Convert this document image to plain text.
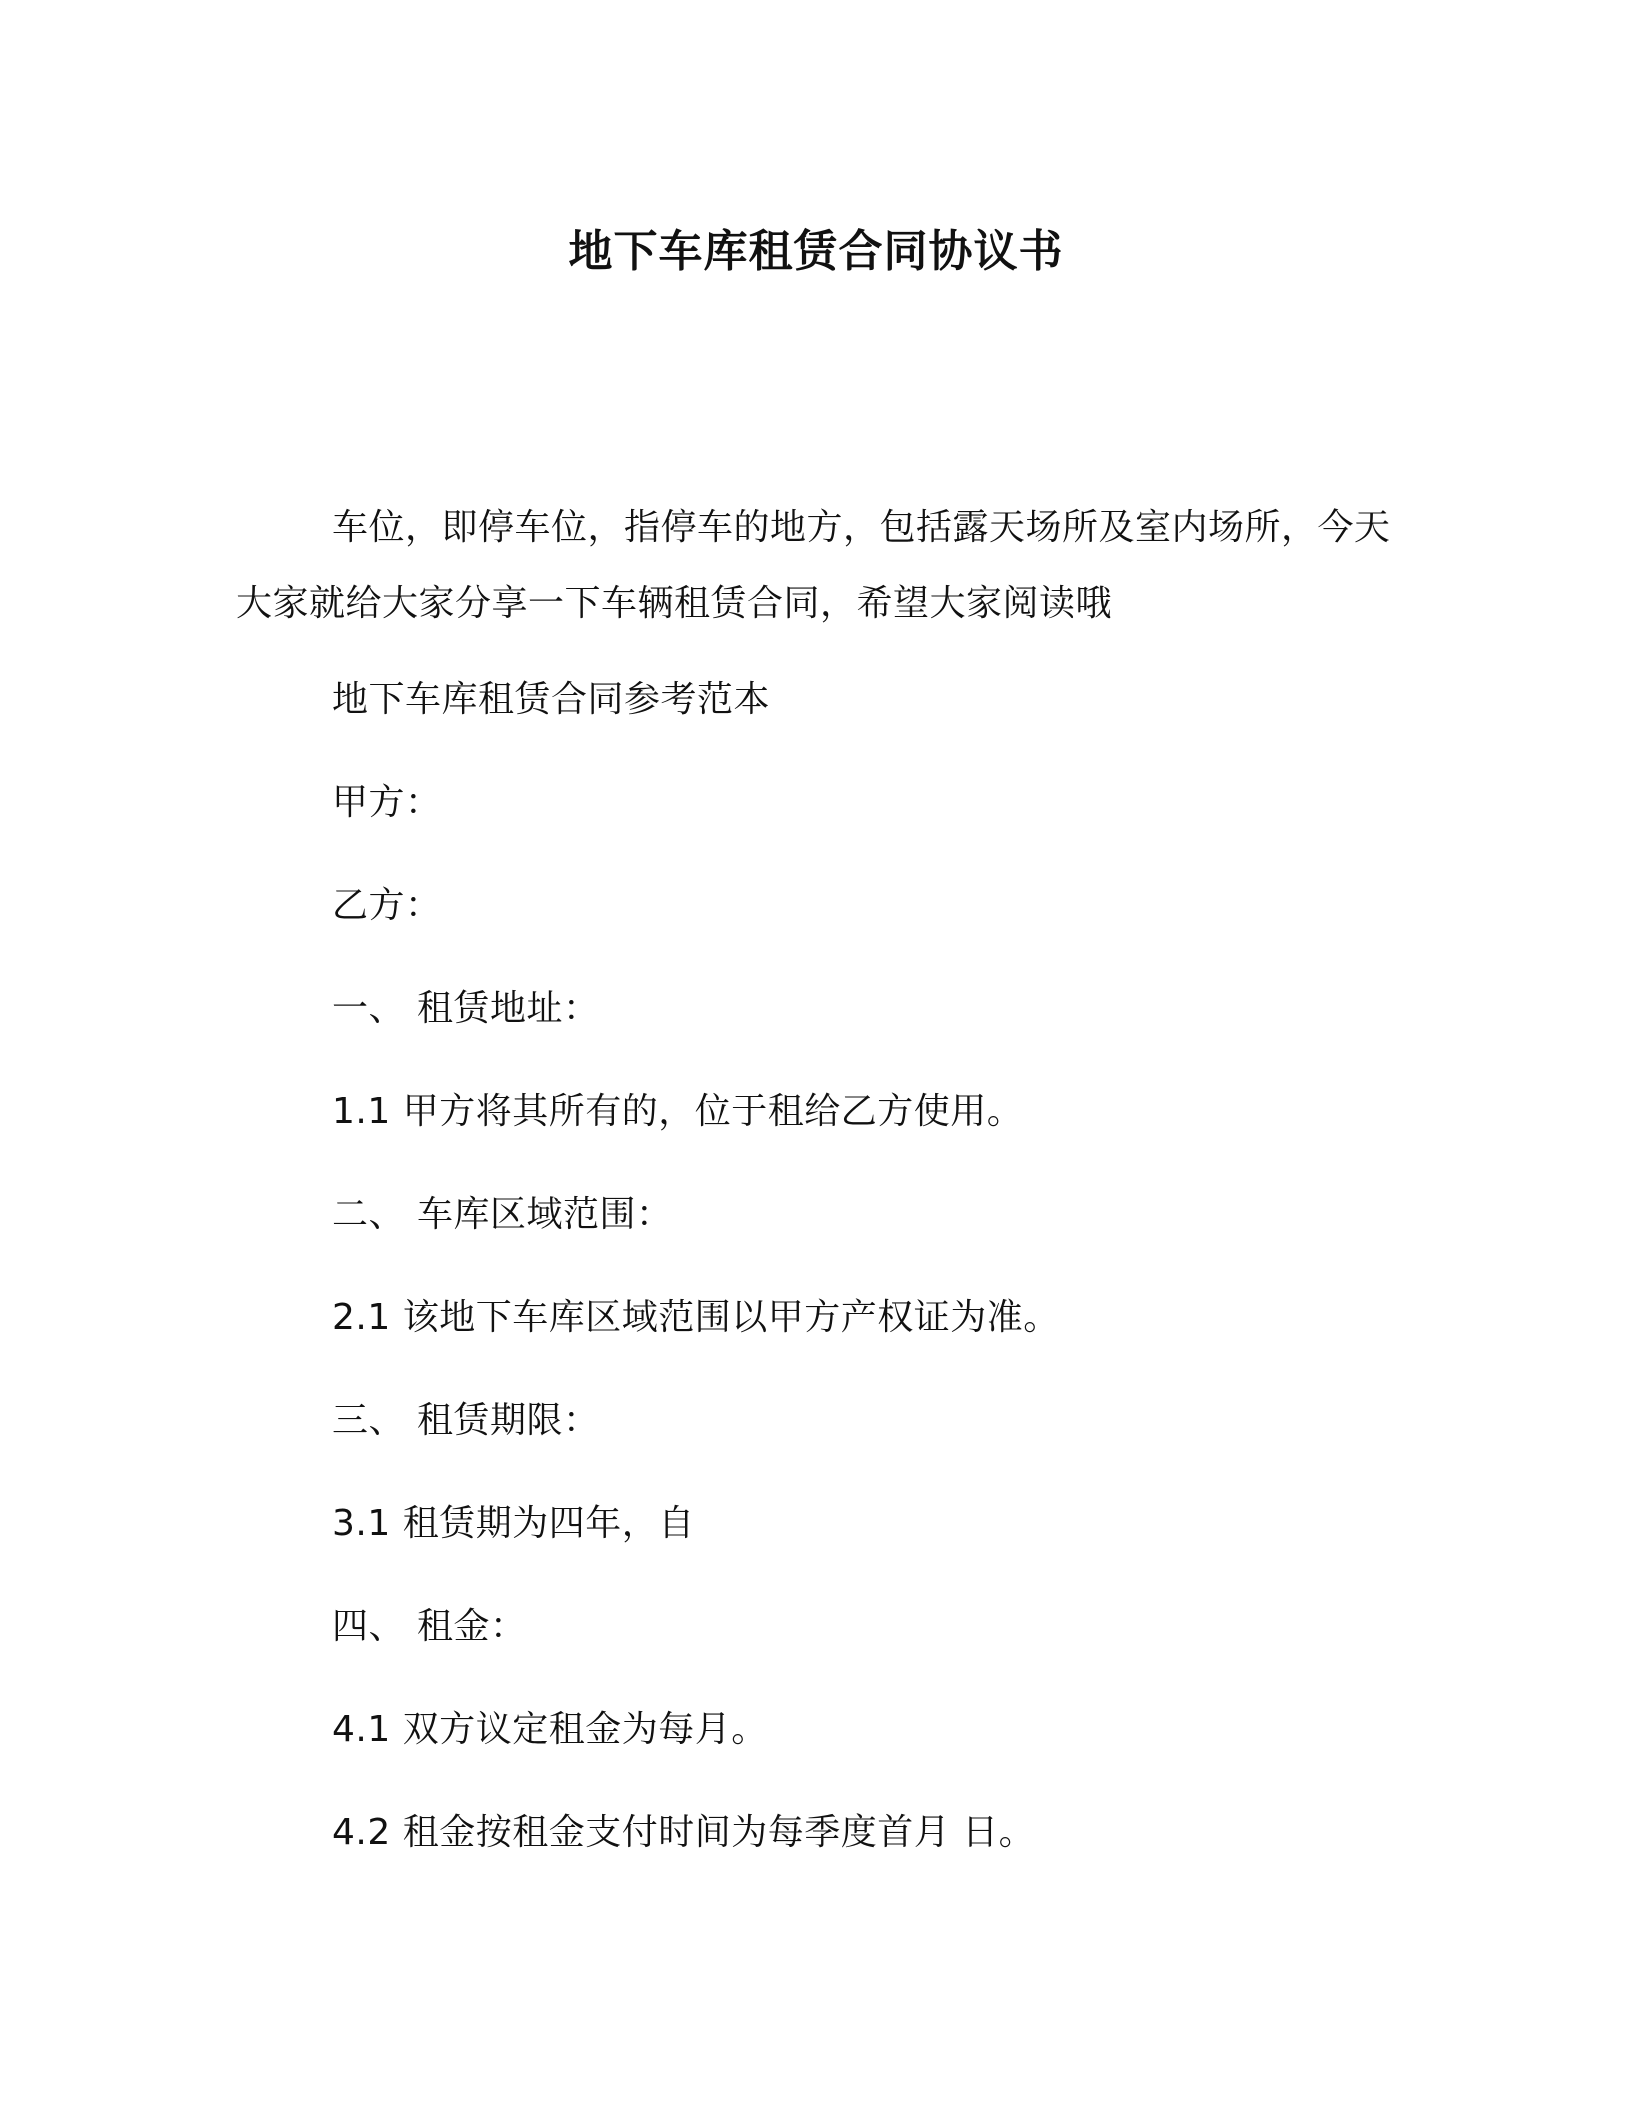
地下车库租赁合同协议书
车位，即停车位，指停车的地方，包括露天场所及室内场所，今天大家就给大家分享一下车辆租赁合同，希望大家阅读哦
地下车库租赁合同参考范本
甲方：
乙方：
一、 租赁地址：
1.1 甲方将其所有的，位于租给乙方使用。
二、 车库区域范围：
2.1 该地下车库区域范围以甲方产权证为准。
三、 租赁期限：
3.1 租赁期为四年，自
四、 租金：
4.1 双方议定租金为每月。
4.2 租金按租金支付时间为每季度首月 日。
